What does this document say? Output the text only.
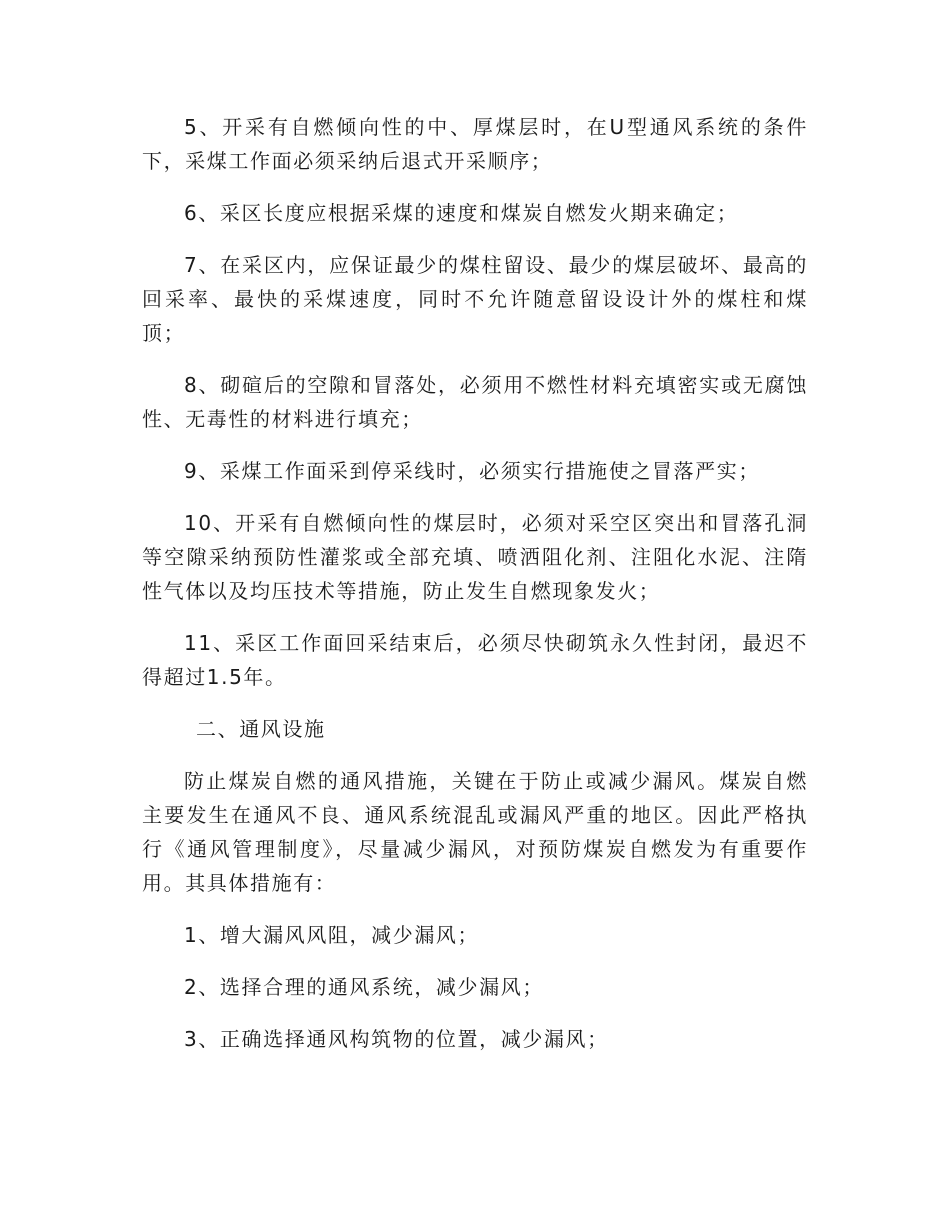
5、开采有自燃倾向性的中、厚煤层时，在U型通风系统的条件下，采煤工作面必须采纳后退式开采顺序；

6、采区长度应根据采煤的速度和煤炭自燃发火期来确定；

7、在采区内，应保证最少的煤柱留设、最少的煤层破坏、最高的回采率、最快的采煤速度，同时不允许随意留设设计外的煤柱和煤顶；

8、砌碹后的空隙和冒落处，必须用不燃性材料充填密实或无腐蚀性、无毒性的材料进行填充；

9、采煤工作面采到停采线时，必须实行措施使之冒落严实；

10、开采有自燃倾向性的煤层时，必须对采空区突出和冒落孔洞等空隙采纳预防性灌浆或全部充填、喷洒阻化剂、注阻化水泥、注隋性气体以及均压技术等措施，防止发生自燃现象发火；

11、采区工作面回采结束后，必须尽快砌筑永久性封闭，最迟不得超过1.5年。

二、通风设施

防止煤炭自燃的通风措施，关键在于防止或减少漏风。煤炭自燃主要发生在通风不良、通风系统混乱或漏风严重的地区。因此严格执行《通风管理制度》，尽量减少漏风，对预防煤炭自燃发为有重要作用。其具体措施有：

1、增大漏风风阻，减少漏风；

2、选择合理的通风系统，减少漏风；

3、正确选择通风构筑物的位置，减少漏风；
